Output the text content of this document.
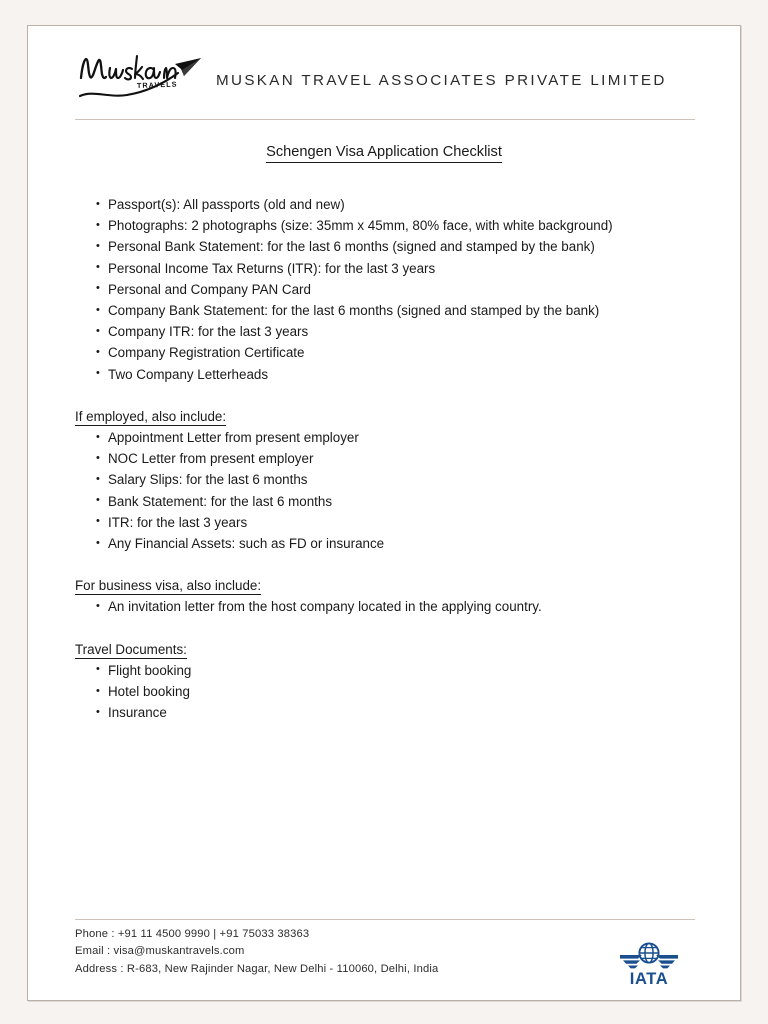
TRAVELS	MUSKAN TRAVEL ASSOCIATES PRIVATE LIMITED
Schengen Visa Application Checklist
• Passport(s): All passports (old and new)
• Photographs: 2 photographs (size: 35mm x 45mm, 80% face, with white background)
• Personal Bank Statement: for the last 6 months (signed and stamped by the bank)
• Personal Income Tax Returns (ITR): for the last 3 years
• Personal and Company PAN Card
• Company Bank Statement: for the last 6 months (signed and stamped by the bank)
• Company ITR: for the last 3 years
• Company Registration Certificate
• Two Company Letterheads
If employed, also include:
• Appointment Letter from present employer
• NOC Letter from present employer
• Salary Slips: for the last 6 months
• Bank Statement: for the last 6 months
• ITR: for the last 3 years
• Any Financial Assets: such as FD or insurance
For business visa, also include:
• An invitation letter from the host company located in the applying country.
Travel Documents:
• Flight booking
• Hotel booking
• Insurance
Phone : +91 11 4500 9990 | +91 75033 38363
Email : visa@muskantravels.com
Address : R-683, New Rajinder Nagar, New Delhi - 110060, Delhi, India
IATA
